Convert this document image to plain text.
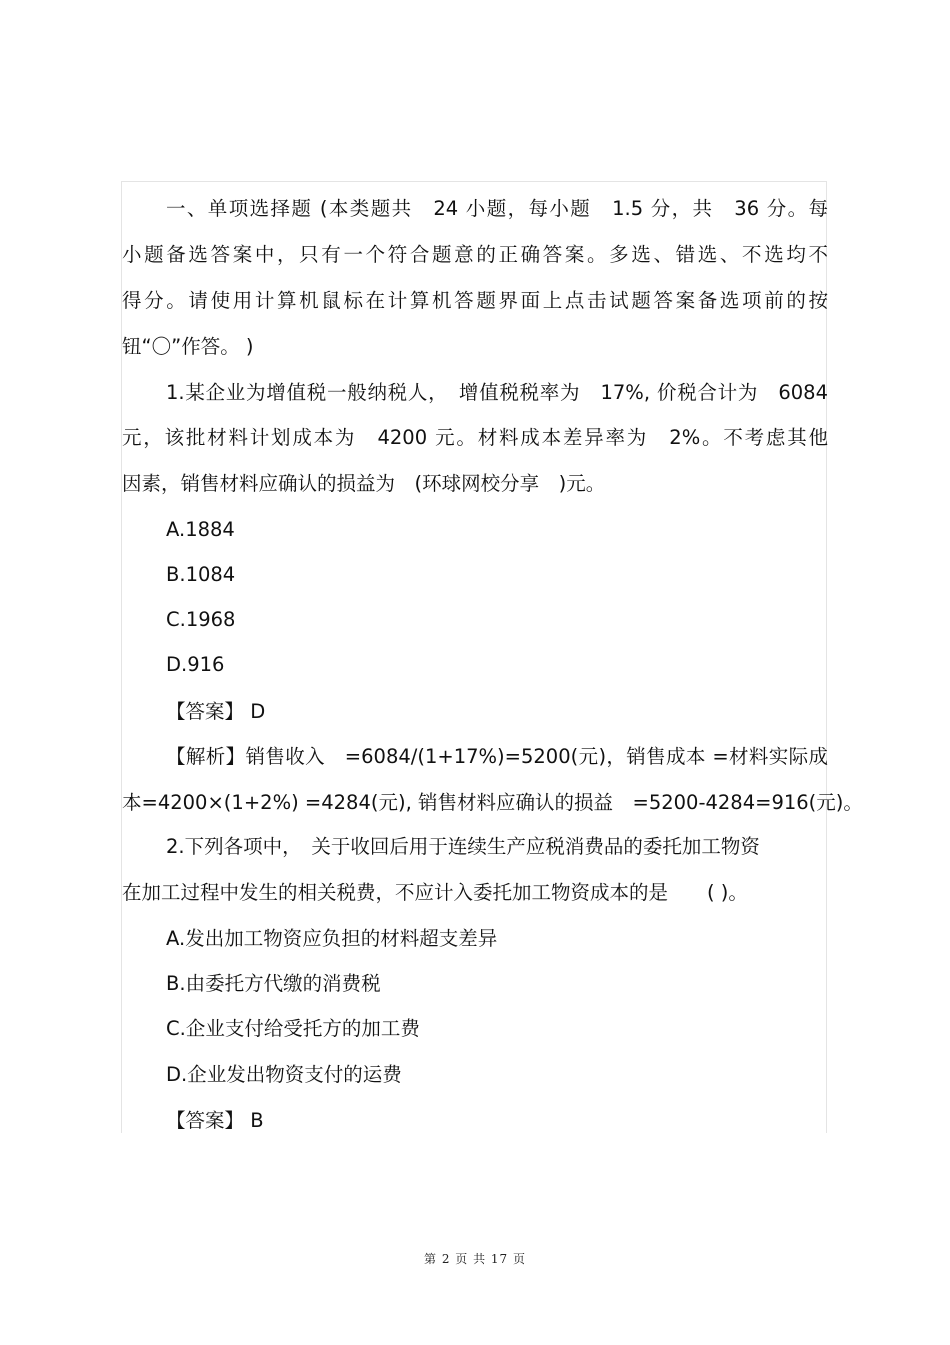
一、单项选择题 (本类题共　24 小题，每小题　1.5 分，共　36 分。每
小题备选答案中，只有一个符合题意的正确答案。多选、错选、不选均不
得分。请使用计算机鼠标在计算机答题界面上点击试题答案备选项前的按
钮“〇”作答。 )
1.某企业为增值税一般纳税人，　增值税税率为　17%, 价税合计为　6084
元，该批材料计划成本为　4200 元。材料成本差异率为　2%。不考虑其他
因素，销售材料应确认的损益为　(环球网校分享　)元。
A.1884
B.1084
C.1968
D.916
【答案】 D
【解析】销售收入　=6084/(1+17%)=5200(元)，销售成本 =材料实际成
本=4200×(1+2%) =4284(元), 销售材料应确认的损益　=5200-4284=916(元)。
2.下列各项中，　关于收回后用于连续生产应税消费品的委托加工物资
在加工过程中发生的相关税费，不应计入委托加工物资成本的是　　( )。
A.发出加工物资应负担的材料超支差异
B.由委托方代缴的消费税
C.企业支付给受托方的加工费
D.企业发出物资支付的运费
【答案】 B
第 2 页 共 17 页
